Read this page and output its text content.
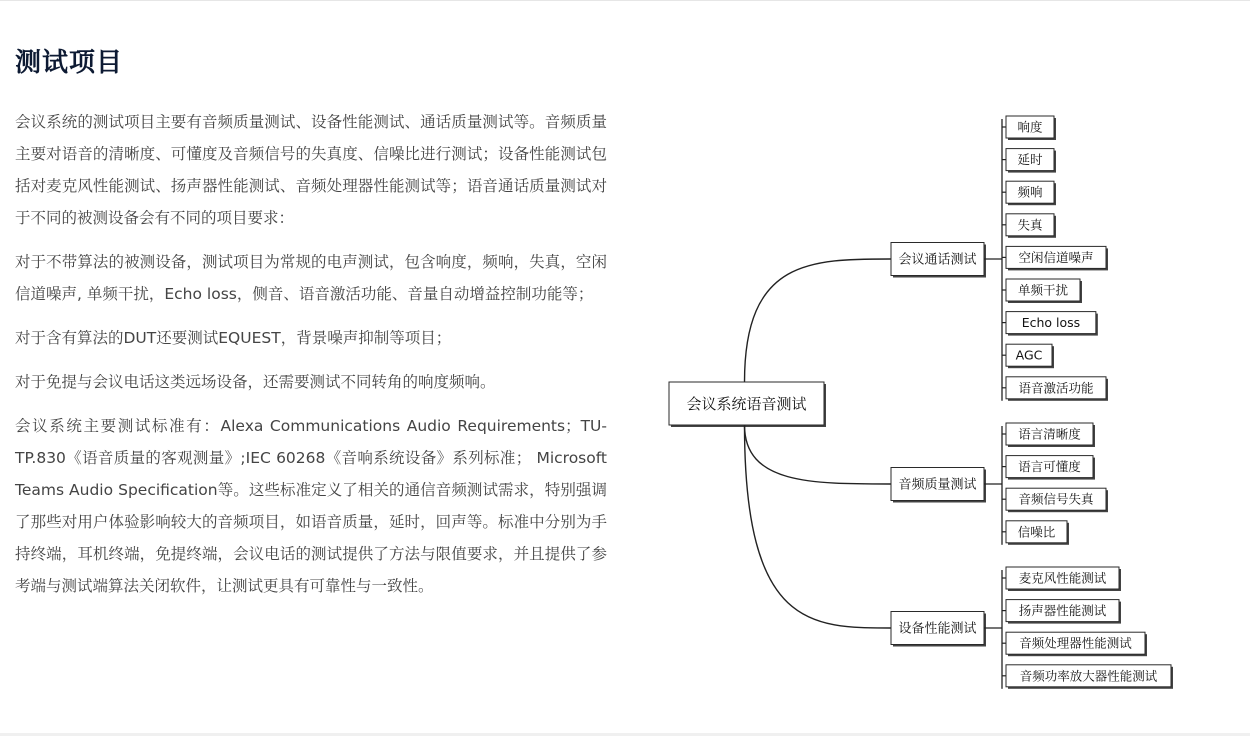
测试项目

会议系统的测试项目主要有音频质量测试、设备性能测试、通话质量测试等。音频质量主要对语音的清晰度、可懂度及音频信号的失真度、信噪比进行测试；设备性能测试包括对麦克风性能测试、扬声器性能测试、音频处理器性能测试等；语音通话质量测试对于不同的被测设备会有不同的项目要求：

对于不带算法的被测设备，测试项目为常规的电声测试，包含响度，频响，失真，空闲信道噪声, 单频干扰，Echo loss，侧音、语音激活功能、音量自动增益控制功能等；

对于含有算法的DUT还要测试EQUEST，背景噪声抑制等项目；

对于免提与会议电话这类远场设备，还需要测试不同转角的响度频响。

会议系统主要测试标准有：Alexa Communications Audio Requirements；TU-TP.830《语音质量的客观测量》;IEC 60268《音响系统设备》系列标准； Microsoft Teams Audio Specification等。这些标准定义了相关的通信音频测试需求，特别强调了那些对用户体验影响较大的音频项目，如语音质量，延时，回声等。标准中分别为手持终端，耳机终端，免提终端，会议电话的测试提供了方法与限值要求，并且提供了参考端与测试端算法关闭软件，让测试更具有可靠性与一致性。

会议通话测试
响度
延时
频响
失真
空闲信道噪声
单频干扰
Echo loss
AGC
语音激活功能
音频质量测试
语言清晰度
语言可懂度
音频信号失真
信噪比
设备性能测试
麦克风性能测试
扬声器性能测试
音频处理器性能测试
音频功率放大器性能测试
会议系统语音测试
